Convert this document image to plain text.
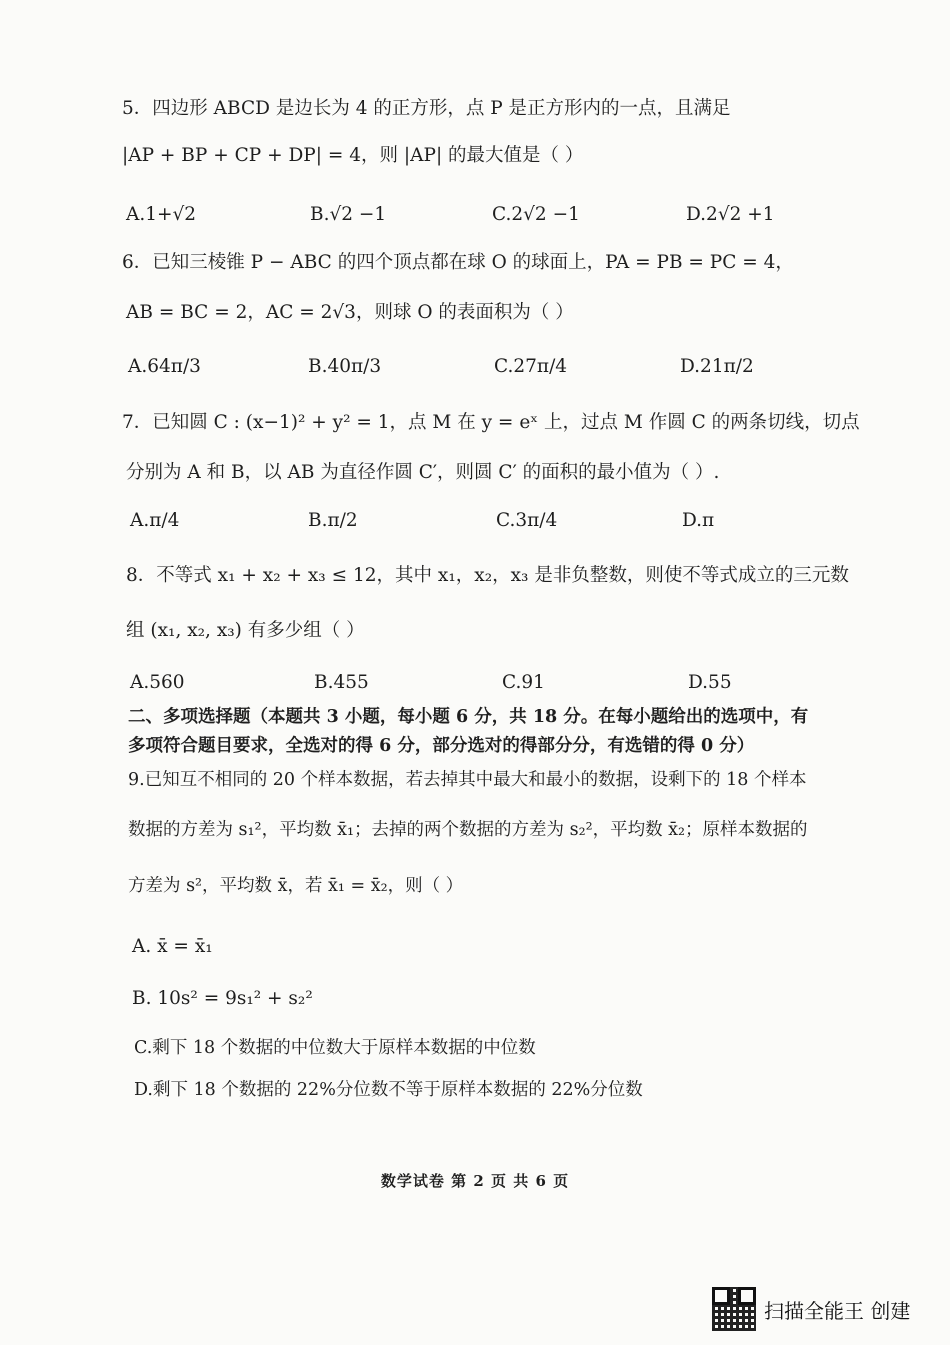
5．四边形 ABCD 是边长为 4 的正方形，点 P 是正方形内的一点，且满足
|AP + BP + CP + DP| = 4，则 |AP| 的最大值是（ ）
A.1+√2	B.√2 −1	C.2√2 −1	D.2√2 +1
6．已知三棱锥 P − ABC 的四个顶点都在球 O 的球面上，PA = PB = PC = 4，
AB = BC = 2，AC = 2√3，则球 O 的表面积为（ ）
A.64π/3	B.40π/3	C.27π/4	D.21π/2
7．已知圆 C : (x−1)² + y² = 1，点 M 在 y = eˣ 上，过点 M 作圆 C 的两条切线，切点
分别为 A 和 B，以 AB 为直径作圆 C′，则圆 C′ 的面积的最小值为（ ）.
A.π/4	B.π/2	C.3π/4	D.π
8．不等式 x₁ + x₂ + x₃ ≤ 12，其中 x₁，x₂，x₃ 是非负整数，则使不等式成立的三元数
组 (x₁, x₂, x₃) 有多少组（ ）
A.560	B.455	C.91	D.55
二、多项选择题（本题共 3 小题，每小题 6 分，共 18 分。在每小题给出的选项中，有
多项符合题目要求，全选对的得 6 分，部分选对的得部分分，有选错的得 0 分）
9.已知互不相同的 20 个样本数据，若去掉其中最大和最小的数据，设剩下的 18 个样本
数据的方差为 s₁²，平均数 x̄₁；去掉的两个数据的方差为 s₂²，平均数 x̄₂；原样本数据的
方差为 s²，平均数 x̄，若 x̄₁ = x̄₂，则（ ）
A. x̄ = x̄₁
B. 10s² = 9s₁² + s₂²
C.剩下 18 个数据的中位数大于原样本数据的中位数
D.剩下 18 个数据的 22%分位数不等于原样本数据的 22%分位数
数学试卷 第 2 页 共 6 页
扫描全能王 创建
